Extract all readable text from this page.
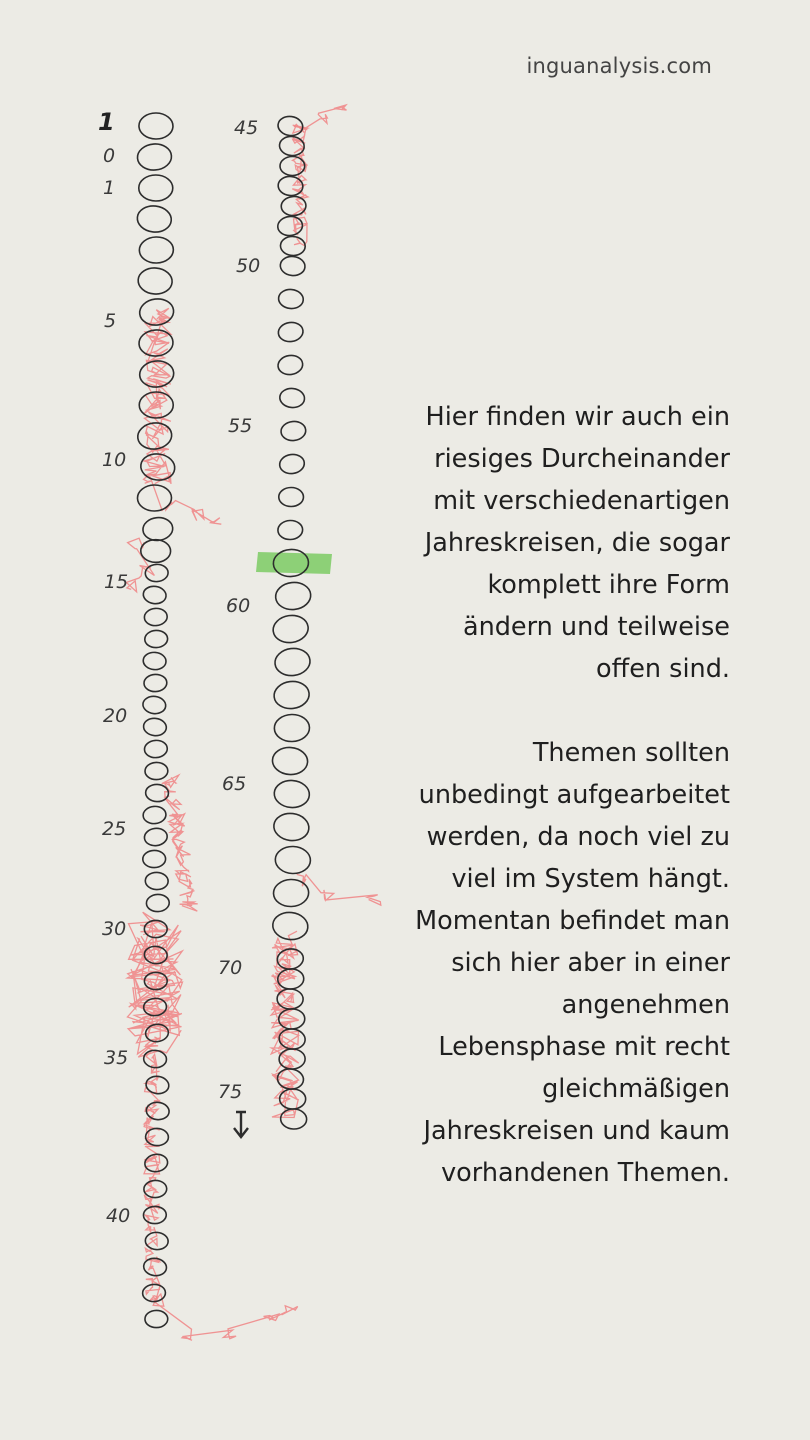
inguanalysis.com
1
0
1
5
10
15
20
25
30
35
40
45
50
55
60
65
70
75

Hier finden wir auch ein riesiges Durcheinander mit verschiedenartigen Jahreskreisen, die sogar komplett ihre Form ändern und teilweise offen sind.

Themen sollten unbedingt aufgearbeitet werden, da noch viel zu viel im System hängt. Momentan befindet man sich hier aber in einer angenehmen Lebensphase mit recht gleichmäßigen Jahreskreisen und kaum vorhandenen Themen.
